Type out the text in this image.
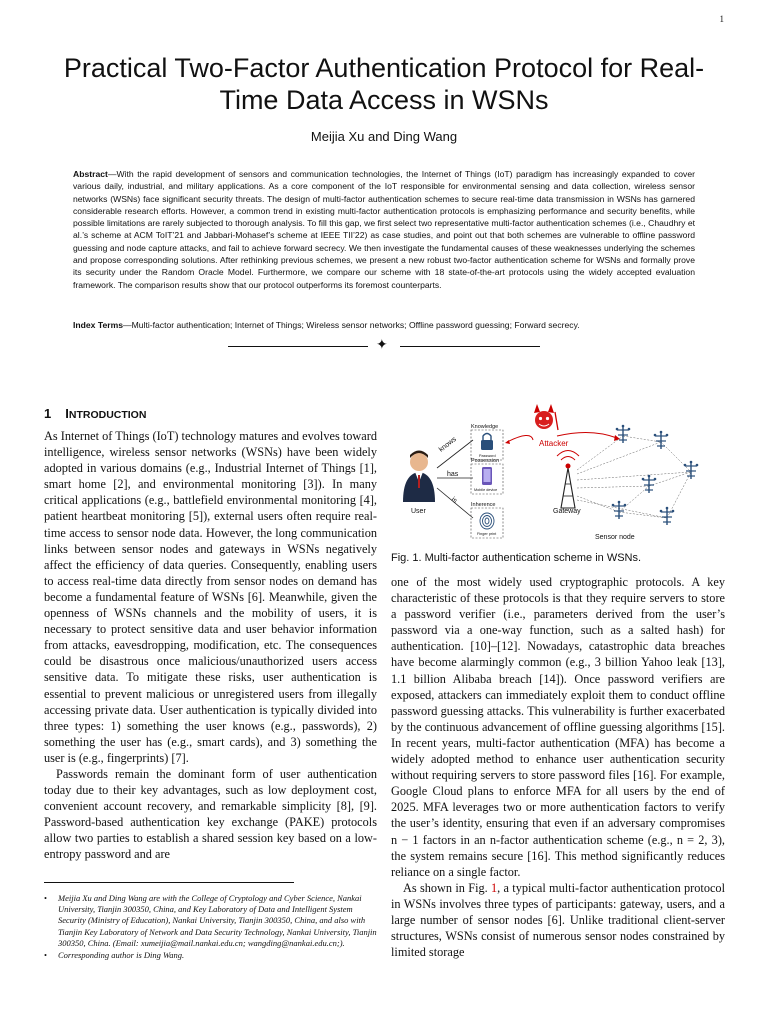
1
Practical Two-Factor Authentication Protocol for Real-Time Data Access in WSNs
Meijia Xu and Ding Wang
Abstract—With the rapid development of sensors and communication technologies, the Internet of Things (IoT) paradigm has increasingly expanded to cover various daily, industrial, and military applications. As a core component of the IoT responsible for environmental sensing and data collection, wireless sensor networks (WSNs) face significant security threats. The design of multi-factor authentication schemes to secure real-time data transmission in WSNs has garnered considerable research efforts. However, a common trend in existing multi-factor authentication protocols is emphasizing performance and security benefits, while possible limitations are rarely subjected to thorough analysis. To fill this gap, we first select two representative multi-factor authentication schemes (i.e., Chaudhry et al.’s scheme at ACM ToIT’21 and Jabbari-Mohasef’s scheme at IEEE TII’22) as case studies, and point out that both schemes are vulnerable to offline password guessing and node capture attacks, and fail to achieve forward secrecy. We then investigate the fundamental causes of these weaknesses underlying the schemes and propose corresponding solutions. After rethinking previous schemes, we present a new robust two-factor authentication scheme for WSNs and formally prove its security under the Random Oracle Model. Furthermore, we compare our scheme with 18 state-of-the-art protocols using the widely accepted evaluation framework. The comparison results show that our protocol outperforms its foremost counterparts.
Index Terms—Multi-factor authentication; Internet of Things; Wireless sensor networks; Offline password guessing; Forward secrecy.
✦
1 INTRODUCTION

As Internet of Things (IoT) technology matures and evolves toward intelligence, wireless sensor networks (WSNs) have been widely adopted in various domains (e.g., Industrial Internet of Things [1], smart home [2], and environmental monitoring [3]). In many critical applications (e.g., battlefield environmental monitoring [4], patient heartbeat monitoring [5]), external users often require real-time access to sensor node data. However, the long communication links between sensor nodes and gateways in WSNs negatively affect the efficiency of data queries. Consequently, enabling users to access real-time data directly from sensor nodes on demand has become a fundamental feature of WSNs [6]. Meanwhile, given the openness of WSNs channels and the mobility of users, it is necessary to protect sensitive data and user behavior information from attacks, eavesdropping, modification, etc. The consequences could be disastrous once malicious/unauthorized users access sensitive data. To mitigate these risks, user authentication is essential to prevent malicious or unregistered users from illegally accessing private data. User authentication is typically divided into three types: 1) something the user knows (e.g., passwords), 2) something the user has (e.g., smart cards), and 3) something the user is (e.g., fingerprints) [7].

Passwords remain the dominant form of user authentication today due to their key advantages, such as low deployment cost, convenient account recovery, and remarkable simplicity [8], [9]. Password-based authentication key exchange (PAKE) protocols allow two parties to establish a shared session key based on a low-entropy password and are

• Meijia Xu and Ding Wang are with the College of Cryptology and Cyber Science, Nankai University, Tianjin 300350, China, and Key Laboratory of Data and Intelligent System Security (Ministry of Education), Nankai University, Tianjin 300350, China, and also with Tianjin Key Laboratory of Network and Data Security Technology, Nankai University, Tianjin 300350, China. (Email: xumeijia@mail.nankai.edu.cn; wangding@nankai.edu.cn;).
• Corresponding author is Ding Wang.
User
knows
has
is
Knowledge
Possession
Inherence
Password
Mobile device
Finger print
Attacker
Gateway
Sensor node
Fig. 1. Multi-factor authentication scheme in WSNs.

one of the most widely used cryptographic protocols. A key characteristic of these protocols is that they require servers to store a password verifier (i.e., parameters derived from the user’s password via a one-way function, such as a salted hash) for authentication. [10]–[12]. Nowadays, catastrophic data breaches have become alarmingly common (e.g., 3 billion Yahoo leak [13], 1.1 billion Alibaba breach [14]). Once password verifiers are exposed, attackers can immediately exploit them to conduct offline password guessing attacks. This vulnerability is further exacerbated by the continuous advancement of offline guessing algorithms [15]. In recent years, multi-factor authentication (MFA) has become a widely adopted method to enhance user authentication security without requiring servers to store password files [16]. For example, Google Cloud plans to enforce MFA for all users by the end of 2025. MFA leverages two or more authentication factors to verify the user’s identity, ensuring that even if an adversary compromises n − 1 factors in an n-factor authentication scheme (e.g., n = 2, 3), the system remains secure [16]. This method significantly reduces reliance on a single factor.

As shown in Fig. 1, a typical multi-factor authentication protocol in WSNs involves three types of participants: gateway, users, and a large number of sensor nodes [6]. Unlike traditional client-server structures, WSNs consist of numerous sensor nodes constrained by limited storage
